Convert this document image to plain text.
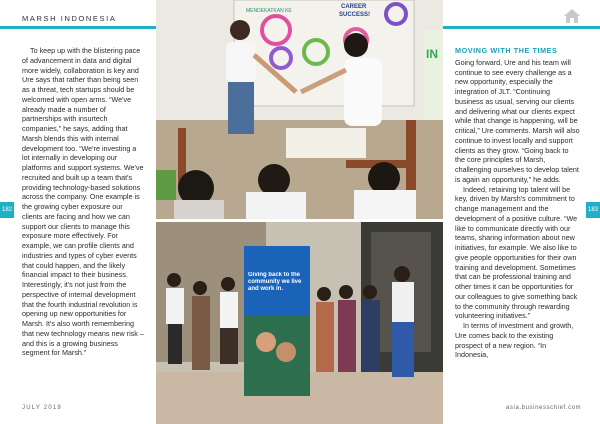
MARSH INDONESIA

To keep up with the blistering pace of advancement in data and digital more widely, collaboration is key and Ure says that rather than being seen as a threat, tech startups should be welcomed with open arms. “We've already made a number of partnerships with insurtech companies,” he says, adding that Marsh blends this with internal development too. “We're investing a lot internally in developing our platforms and support systems. We've recruited and built up a team that's providing technology-based solutions across the company. One example is the growing cyber exposure our clients are facing and how we can support our clients to manage this exposure more effectively. For example, we can profile clients and industries and types of cyber events that could happen, and the likely financial impact to their business. Interestingly, it's not just from the perspective of internal development that the fourth industrial revolution is opening up new opportunities for Marsh. It's also worth remembering that new technology means new risk – and this is a growing business segment for Marsh.”

182	183
MENDEKATKAN KE
CAREER
SUCCESS!
IN
MARSH
Giving back to the community we live and work in.
MOVING WITH THE TIMES

Going forward, Ure and his team will continue to see every challenge as a new opportunity, especially the integration of JLT. “Continuing business as usual, serving our clients and delivering what our clients expect while that change is happening, will be critical,” Ure comments. Marsh will also continue to invest locally and support clients as they grow. “Going back to the core principles of Marsh, challenging ourselves to develop talent is again an opportunity,” he adds.

Indeed, retaining top talent will be key, driven by Marsh's commitment to change management and the development of a positive culture. “We like to communicate directly with our teams, sharing information about new initiatives, for example. We also like to give people opportunities for their own training and development. Sometimes that can be professional training and other times it can be opportunities for our colleagues to give something back to the community through rewarding volunteering initiatives.”

In terms of investment and growth, Ure comes back to the existing prospect of a new region. “In Indonesia,

JULY 2019	asia.businesschief.com
